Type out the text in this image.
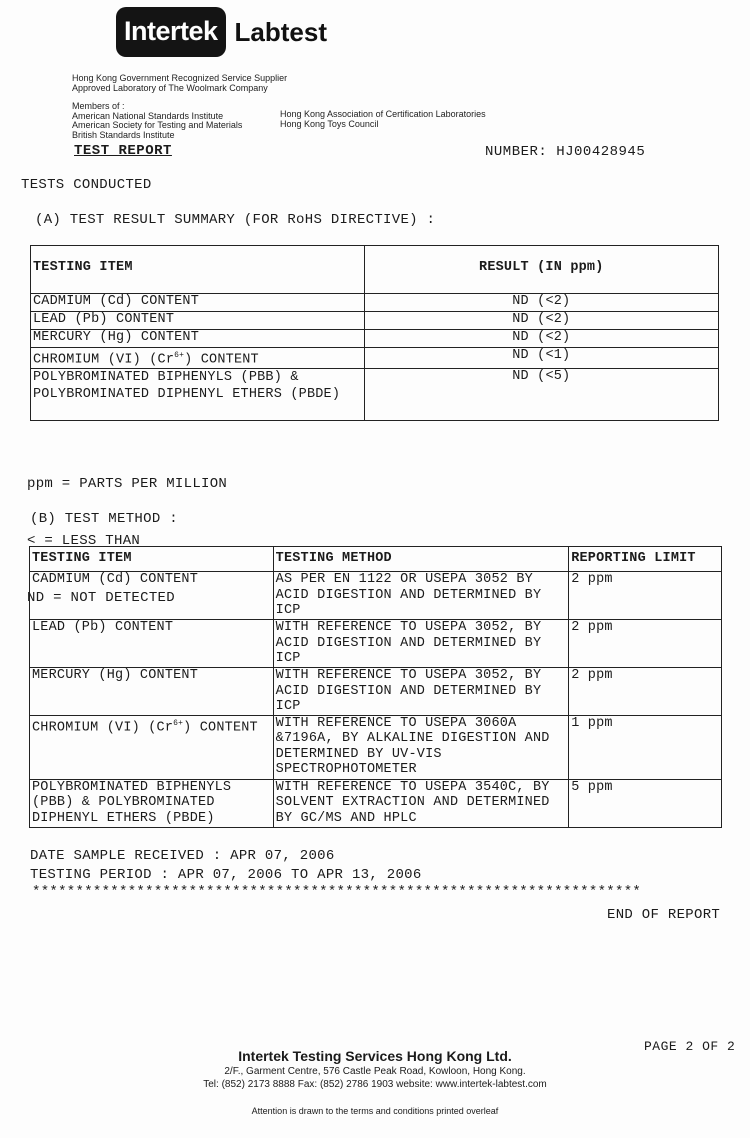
Intertek Labtest
Hong Kong Government Recognized Service Supplier
Approved Laboratory of The Woolmark Company
Members of :
American National Standards Institute
American Society for Testing and Materials
British Standards Institute
Hong Kong Association of Certification Laboratories
Hong Kong Toys Council
TEST REPORT	NUMBER: HJ00428945
TESTS CONDUCTED
(A) TEST RESULT SUMMARY (FOR RoHS DIRECTIVE) :
TESTING ITEM	RESULT (IN ppm)
CADMIUM (Cd) CONTENT	ND (<2)
LEAD (Pb) CONTENT	ND (<2)
MERCURY (Hg) CONTENT	ND (<2)
CHROMIUM (VI) $(Cr^{6+})$ CONTENT	ND (<1)
POLYBROMINATED BIPHENYLS (PBB) & POLYBROMINATED DIPHENYL ETHERS (PBDE)	ND (<5)

ppm = PARTS PER MILLION

< = LESS THAN

ND = NOT DETECTED

(B) TEST METHOD :
TESTING ITEM	TESTING METHOD	REPORTING LIMIT
CADMIUM (Cd) CONTENT	AS PER EN 1122 OR USEPA 3052 BY ACID DIGESTION AND DETERMINED BY ICP	2 ppm
LEAD (Pb) CONTENT	WITH REFERENCE TO USEPA 3052, BY ACID DIGESTION AND DETERMINED BY ICP	2 ppm
MERCURY (Hg) CONTENT	WITH REFERENCE TO USEPA 3052, BY ACID DIGESTION AND DETERMINED BY ICP	2 ppm
CHROMIUM (VI) $(Cr^{6+})$ CONTENT	WITH REFERENCE TO USEPA 3060A &7196A, BY ALKALINE DIGESTION AND DETERMINED BY UV-VIS SPECTROPHOTOMETER	1 ppm
POLYBROMINATED BIPHENYLS (PBB) & POLYBROMINATED DIPHENYL ETHERS (PBDE)	WITH REFERENCE TO USEPA 3540C, BY SOLVENT EXTRACTION AND DETERMINED BY GC/MS AND HPLC	5 ppm
DATE SAMPLE RECEIVED : APR 07, 2006
TESTING PERIOD : APR 07, 2006 TO APR 13, 2006
**********************************************************************
END OF REPORT
PAGE 2 OF 2
Intertek Testing Services Hong Kong Ltd.
2/F., Garment Centre, 576 Castle Peak Road, Kowloon, Hong Kong.
Tel: (852) 2173 8888 Fax: (852) 2786 1903 website: www.intertek-labtest.com
Attention is drawn to the terms and conditions printed overleaf
